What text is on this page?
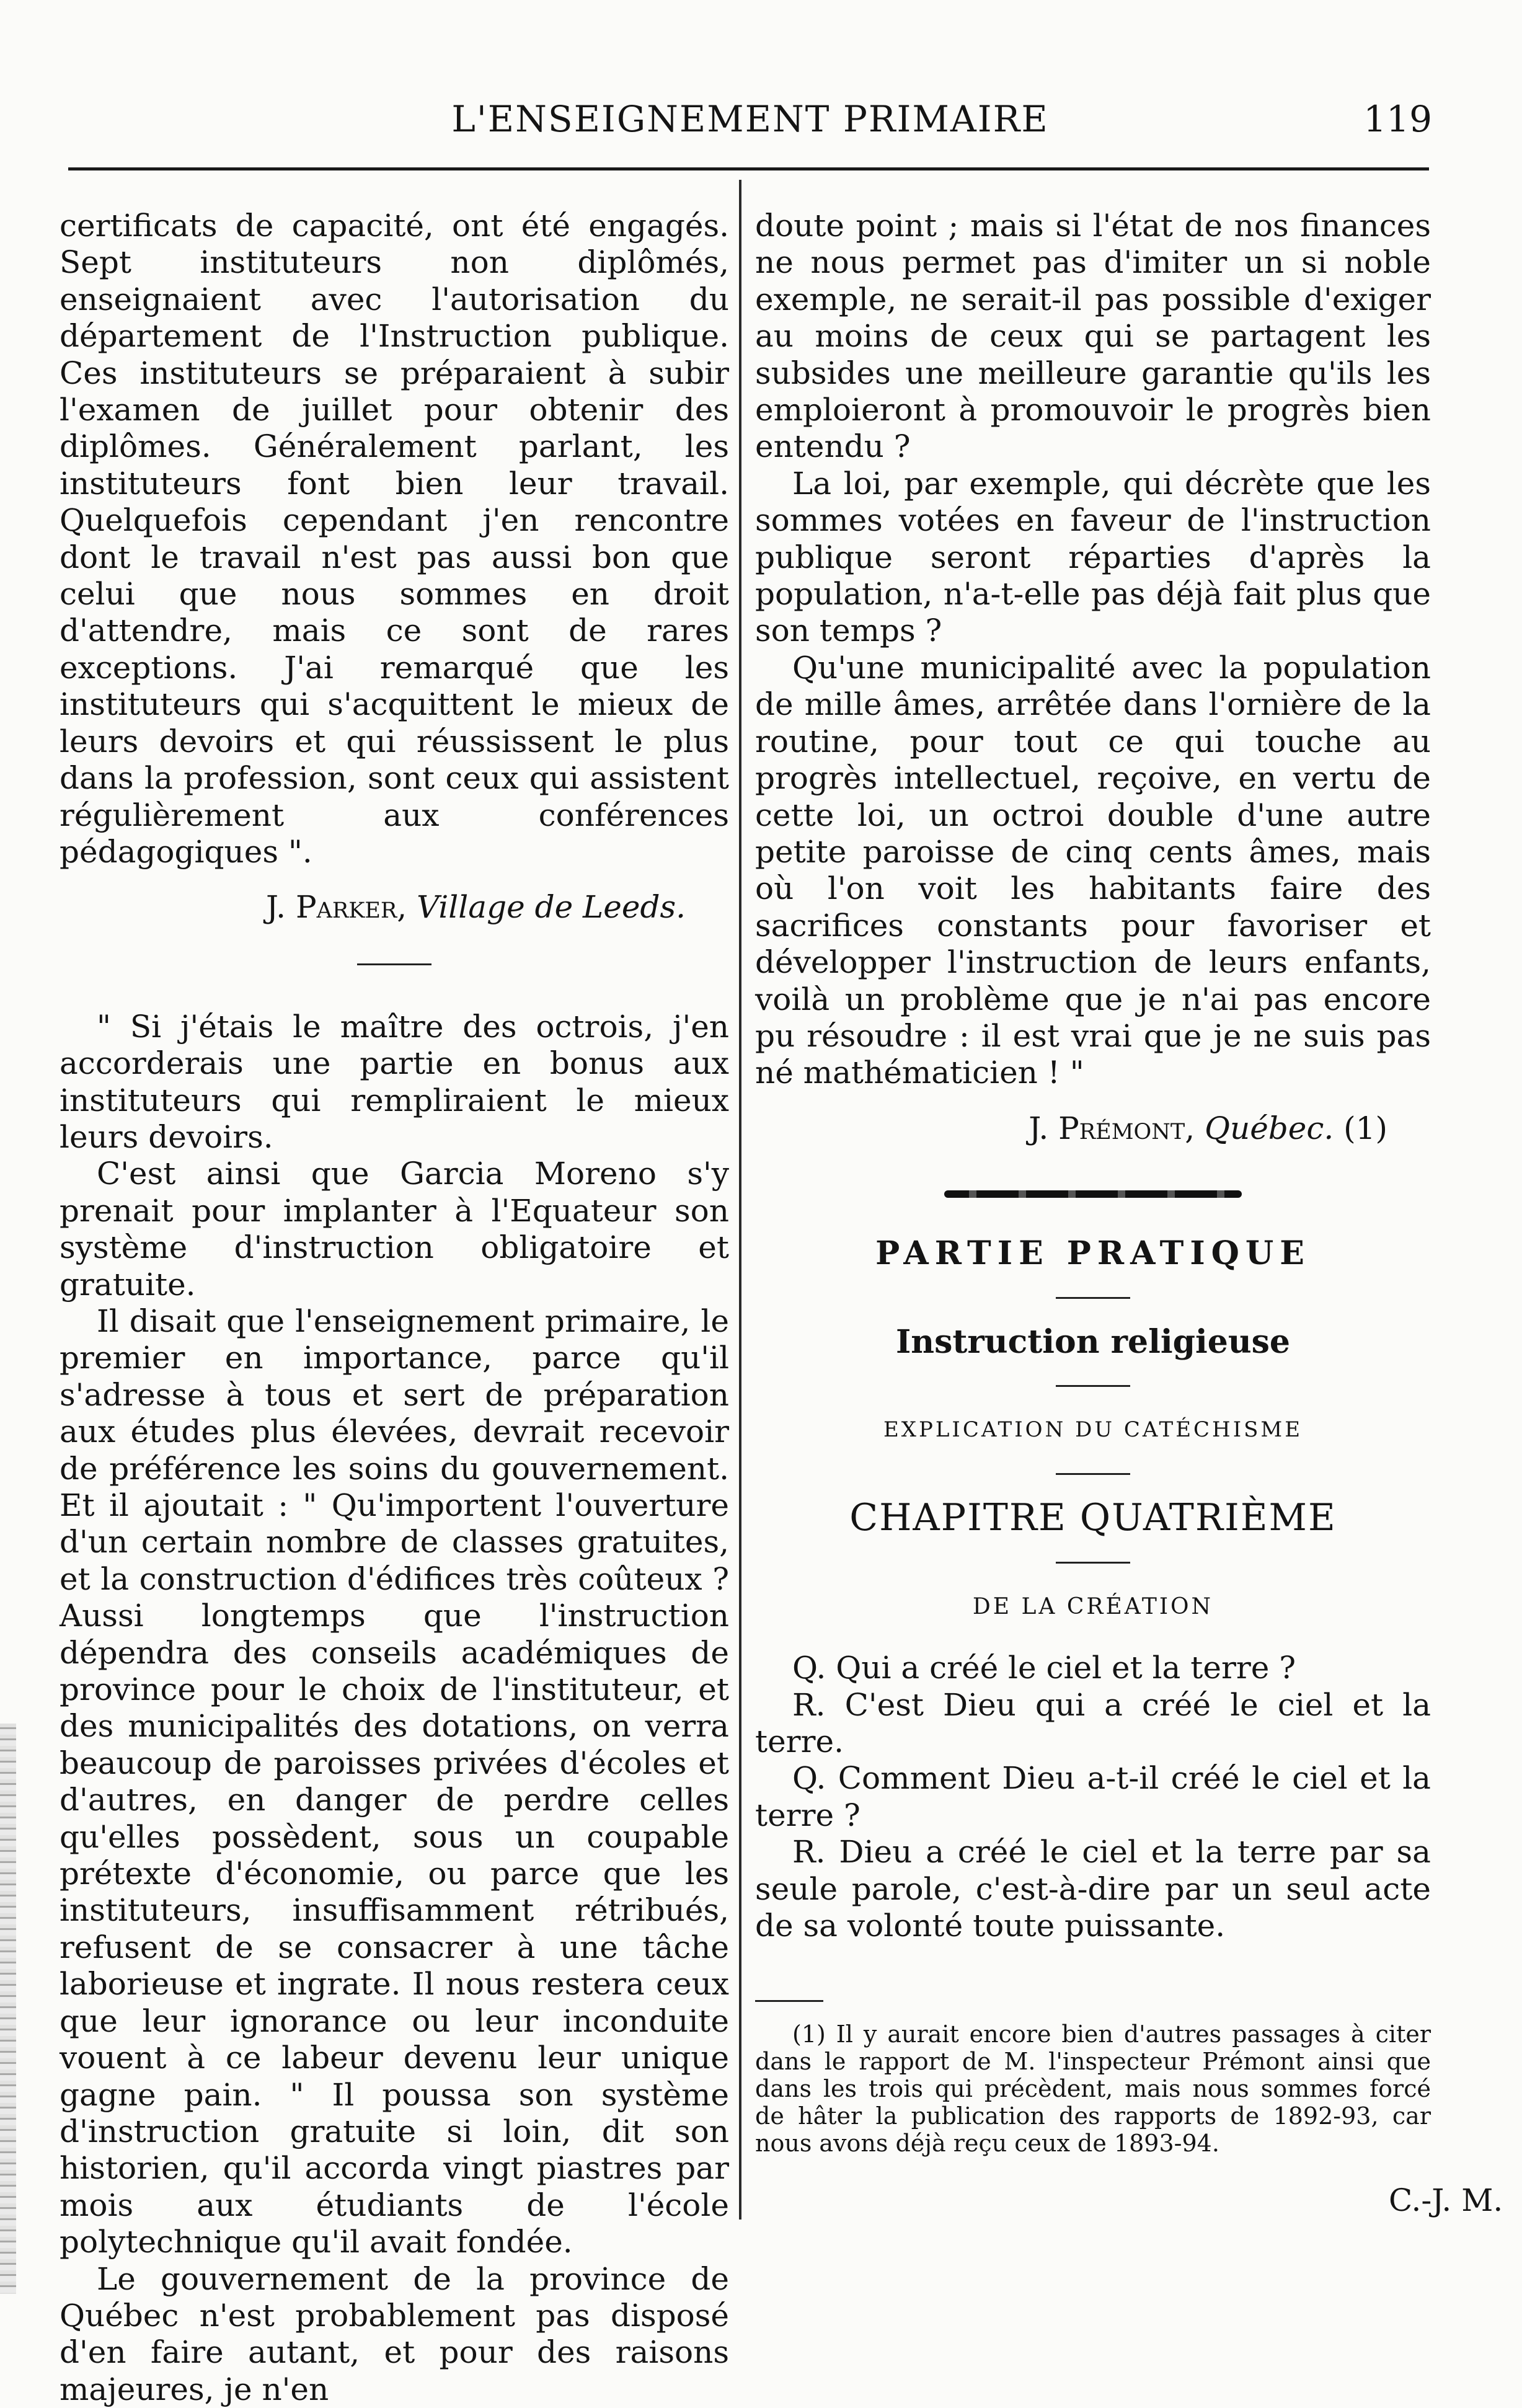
L'ENSEIGNEMENT PRIMAIRE	119

certificats de capacité, ont été engagés. Sept instituteurs non diplômés, enseignaient avec l'autorisation du département de l'Instruction publique. Ces instituteurs se préparaient à subir l'examen de juillet pour obtenir des diplômes. Généralement parlant, les instituteurs font bien leur travail. Quelquefois cependant j'en rencontre dont le travail n'est pas aussi bon que celui que nous sommes en droit d'attendre, mais ce sont de rares exceptions. J'ai remarqué que les instituteurs qui s'acquittent le mieux de leurs devoirs et qui réussissent le plus dans la profession, sont ceux qui assistent régulièrement aux conférences pédagogiques ".

J. Parker, Village de Leeds.

" Si j'étais le maître des octrois, j'en accorderais une partie en bonus aux instituteurs qui rempliraient le mieux leurs devoirs.

C'est ainsi que Garcia Moreno s'y prenait pour implanter à l'Equateur son système d'instruction obligatoire et gratuite.

Il disait que l'enseignement primaire, le premier en importance, parce qu'il s'adresse à tous et sert de préparation aux études plus élevées, devrait recevoir de préférence les soins du gouvernement. Et il ajoutait : " Qu'importent l'ouverture d'un certain nombre de classes gratuites, et la construction d'édifices très coûteux ? Aussi longtemps que l'instruction dépendra des conseils académiques de province pour le choix de l'instituteur, et des municipalités des dotations, on verra beaucoup de paroisses privées d'écoles et d'autres, en danger de perdre celles qu'elles possèdent, sous un coupable prétexte d'économie, ou parce que les instituteurs, insuffisamment rétribués, refusent de se consacrer à une tâche laborieuse et ingrate. Il nous restera ceux que leur ignorance ou leur inconduite vouent à ce labeur devenu leur unique gagne pain. " Il poussa son système d'instruction gratuite si loin, dit son historien, qu'il accorda vingt piastres par mois aux étudiants de l'école polytechnique qu'il avait fondée.

Le gouvernement de la province de Québec n'est probablement pas disposé d'en faire autant, et pour des raisons majeures, je n'en

doute point ; mais si l'état de nos finances ne nous permet pas d'imiter un si noble exemple, ne serait-il pas possible d'exiger au moins de ceux qui se partagent les subsides une meilleure garantie qu'ils les emploieront à promouvoir le progrès bien entendu ?

La loi, par exemple, qui décrète que les sommes votées en faveur de l'instruction publique seront réparties d'après la population, n'a-t-elle pas déjà fait plus que son temps ?

Qu'une municipalité avec la population de mille âmes, arrêtée dans l'ornière de la routine, pour tout ce qui touche au progrès intellectuel, reçoive, en vertu de cette loi, un octroi double d'une autre petite paroisse de cinq cents âmes, mais où l'on voit les habitants faire des sacrifices constants pour favoriser et développer l'instruction de leurs enfants, voilà un problème que je n'ai pas encore pu résoudre : il est vrai que je ne suis pas né mathématicien ! "

J. Prémont, Québec. (1)

PARTIE PRATIQUE

Instruction religieuse

EXPLICATION DU CATÉCHISME

CHAPITRE QUATRIÈME

DE LA CRÉATION

Q. Qui a créé le ciel et la terre ?

R. C'est Dieu qui a créé le ciel et la terre.

Q. Comment Dieu a-t-il créé le ciel et la terre ?

R. Dieu a créé le ciel et la terre par sa seule parole, c'est-à-dire par un seul acte de sa volonté toute puissante.

(1) Il y aurait encore bien d'autres passages à citer dans le rapport de M. l'inspecteur Prémont ainsi que dans les trois qui précèdent, mais nous sommes forcé de hâter la publication des rapports de 1892-93, car nous avons déjà reçu ceux de 1893-94.

C.-J. M.
